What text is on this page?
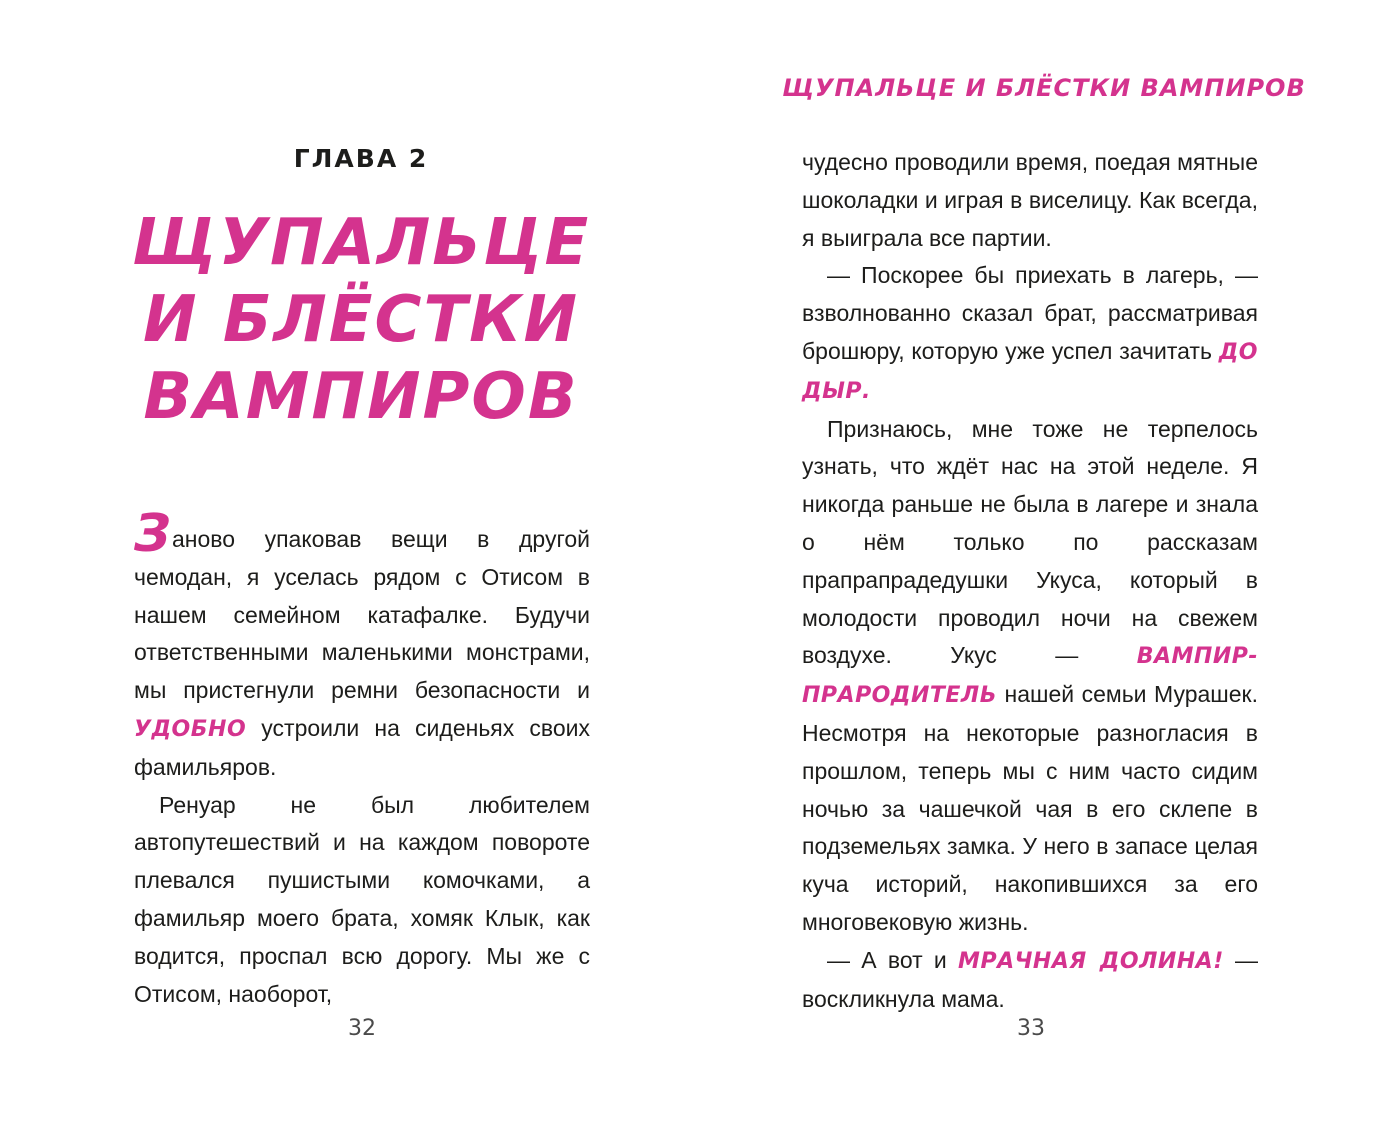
ГЛАВА 2
ЩУПАЛЬЦЕ
И БЛЁСТКИ
ВАМПИРОВ

Заново упаковав вещи в другой чемодан, я уселась рядом с Отисом в нашем семейном катафалке. Будучи ответственными маленькими монстрами, мы пристегнули ремни безопасности и УДОБНО устроили на сиденьях своих фамильяров.

Ренуар не был любителем автопутешествий и на каждом повороте плевался пушистыми комочками, а фамильяр моего брата, хомяк Клык, как водится, проспал всю дорогу. Мы же с Отисом, наоборот,

32
ЩУПАЛЬЦЕ И БЛЁСТКИ ВАМПИРОВ

чудесно проводили время, поедая мятные шоколадки и играя в виселицу. Как всегда, я выиграла все партии.

— Поскорее бы приехать в лагерь, — взволнованно сказал брат, рассматривая брошюру, которую уже успел зачитать ДО ДЫР.

Признаюсь, мне тоже не терпелось узнать, что ждёт нас на этой неделе. Я никогда раньше не была в лагере и знала о нём только по рассказам прапрапрадедушки Укуса, который в молодости проводил ночи на свежем воздухе. Укус — ВАМПИР-ПРАРОДИТЕЛЬ нашей семьи Мурашек. Несмотря на некоторые разногласия в прошлом, теперь мы с ним часто сидим ночью за чашечкой чая в его склепе в подземельях замка. У него в запасе целая куча историй, накопившихся за его многовековую жизнь.

— А вот и МРАЧНАЯ ДОЛИНА! — воскликнула мама.

33
